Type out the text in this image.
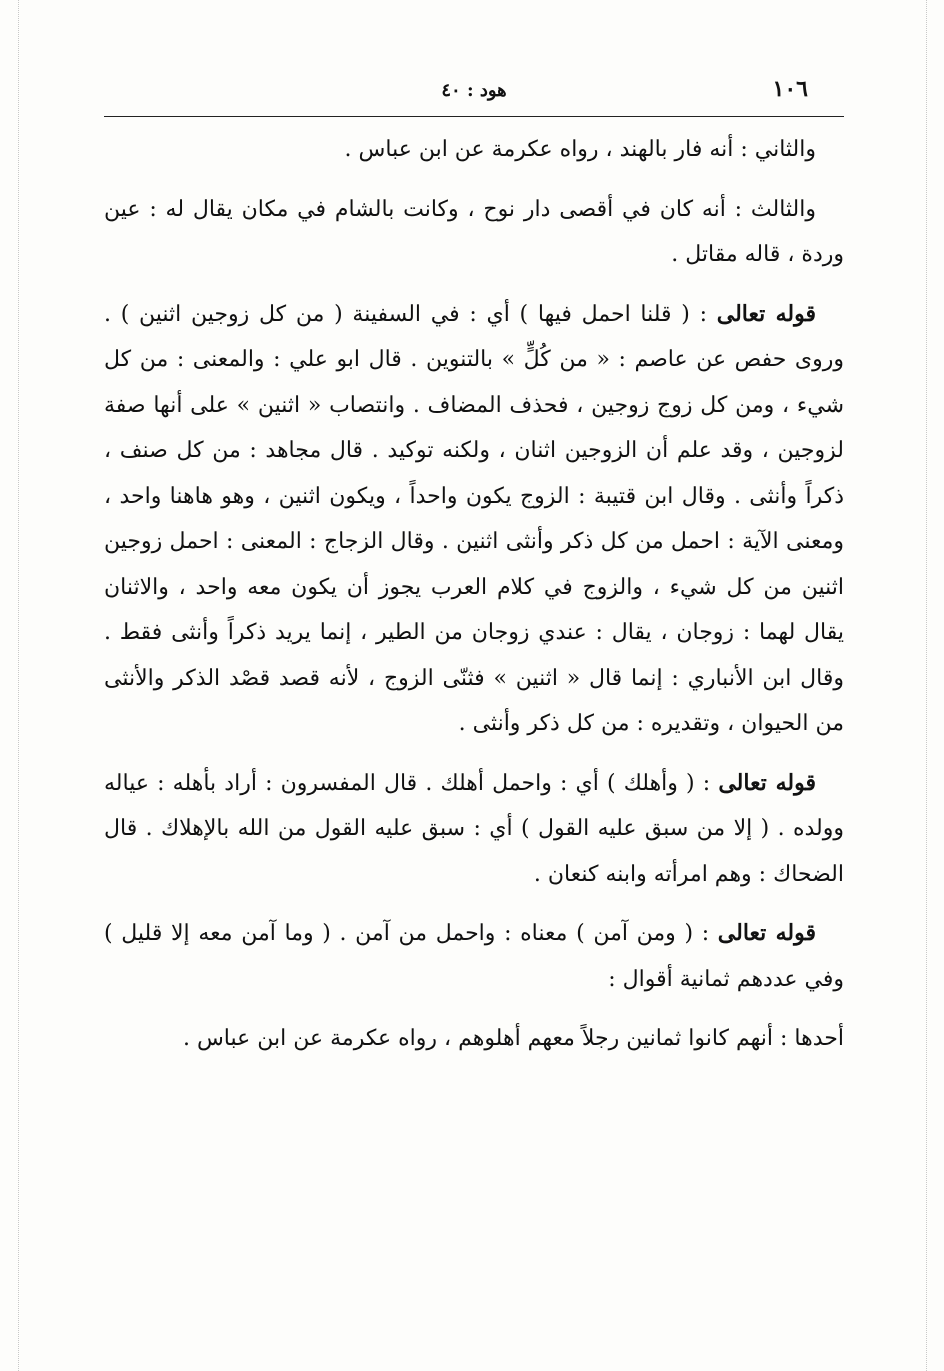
١٠٦
هود : ٤٠

والثاني : أنه فار بالهند ، رواه عكرمة عن ابن عباس .

والثالث : أنه كان في أقصى دار نوح ، وكانت بالشام في مكان يقال له : عين وردة ، قاله مقاتل .

قوله تعالى : ( قلنا احمل فيها ) أي : في السفينة ( من كل زوجين اثنين ) . وروى حفص عن عاصم : « من كُلٍّ » بالتنوين . قال ابو علي : والمعنى : من كل شيء ، ومن كل زوج زوجين ، فحذف المضاف . وانتصاب « اثنين » على أنها صفة لزوجين ، وقد علم أن الزوجين اثنان ، ولكنه توكيد . قال مجاهد : من كل صنف ، ذكراً وأنثى . وقال ابن قتيبة : الزوج يكون واحداً ، ويكون اثنين ، وهو هاهنا واحد ، ومعنى الآية : احمل من كل ذكر وأنثى اثنين . وقال الزجاج : المعنى : احمل زوجين اثنين من كل شيء ، والزوج في كلام العرب يجوز أن يكون معه واحد ، والاثنان يقال لهما : زوجان ، يقال : عندي زوجان من الطير ، إنما يريد ذكراً وأنثى فقط . وقال ابن الأنباري : إنما قال « اثنين » فثنّى الزوج ، لأنه قصد قصْد الذكر والأنثى من الحيوان ، وتقديره : من كل ذكر وأنثى .

قوله تعالى : ( وأهلك ) أي : واحمل أهلك . قال المفسرون : أراد بأهله : عياله وولده . ( إلا من سبق عليه القول ) أي : سبق عليه القول من الله بالإهلاك . قال الضحاك : وهم امرأته وابنه كنعان .

قوله تعالى : ( ومن آمن ) معناه : واحمل من آمن . ( وما آمن معه إلا قليل ) وفي عددهم ثمانية أقوال :

أحدها : أنهم كانوا ثمانين رجلاً معهم أهلوهم ، رواه عكرمة عن ابن عباس .
